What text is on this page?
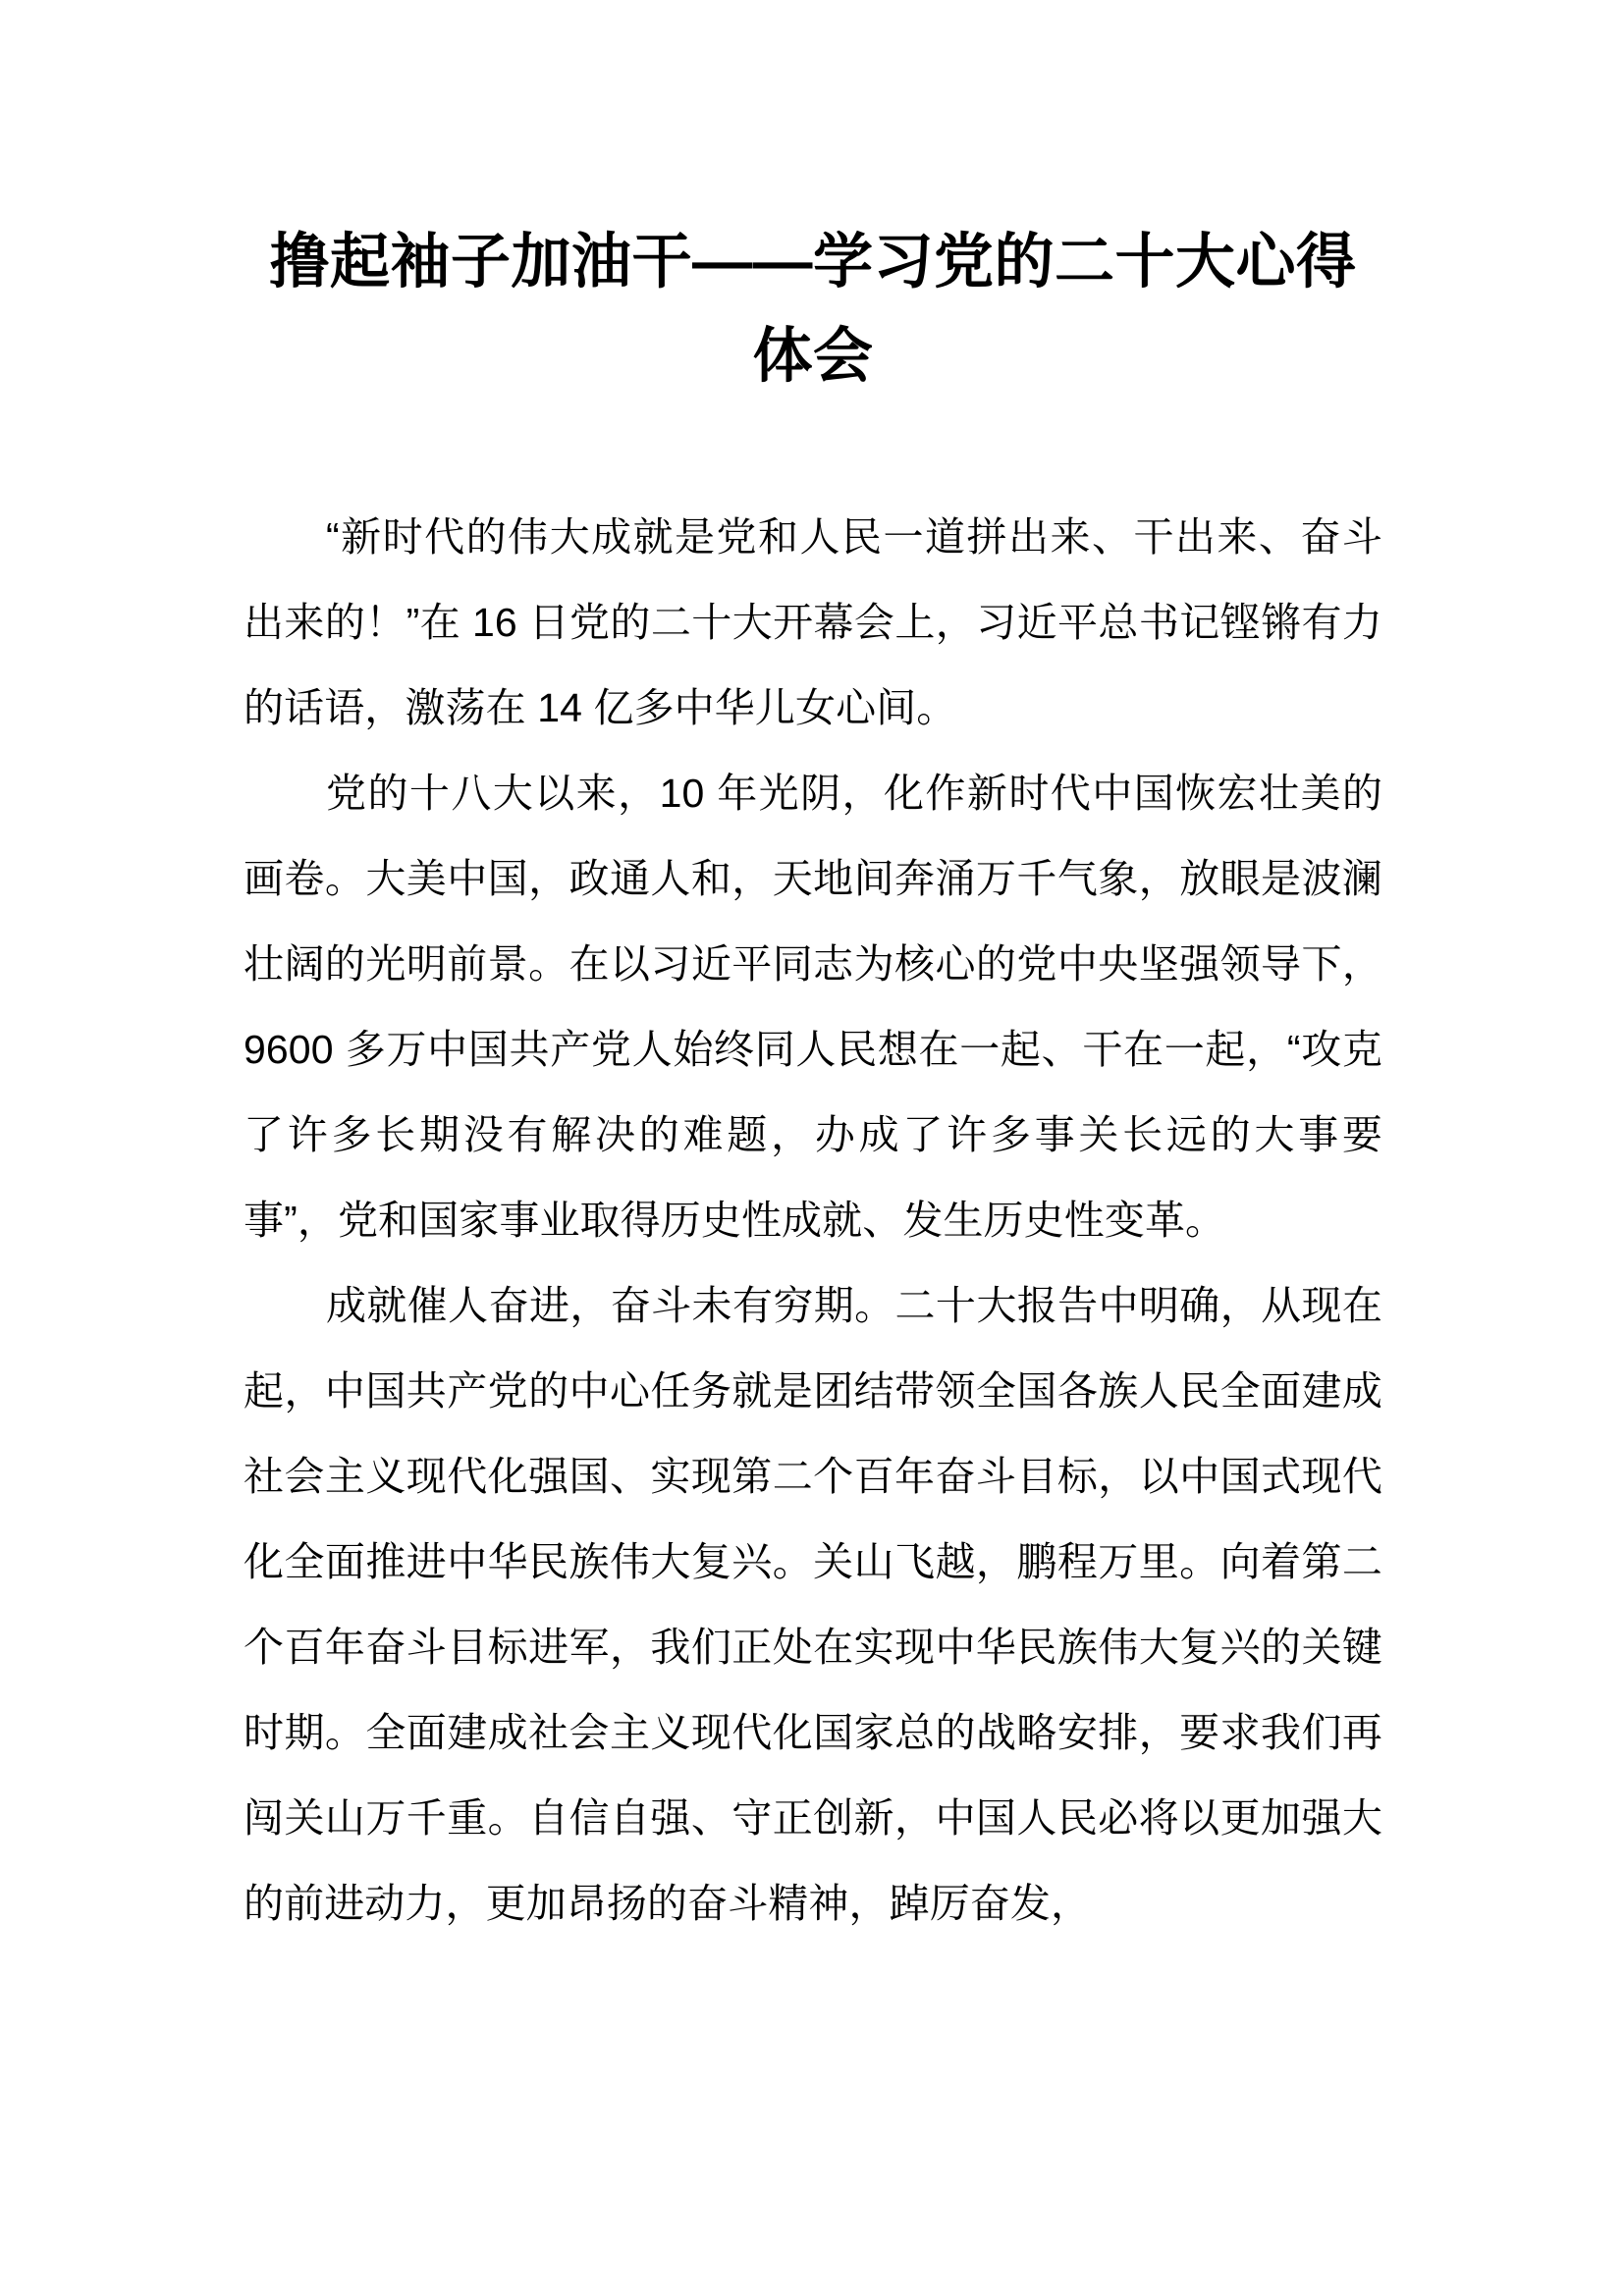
撸起袖子加油干——学习党的二十大心得体会

“新时代的伟大成就是党和人民一道拼出来、干出来、奋斗出来的！”在 16 日党的二十大开幕会上，习近平总书记铿锵有力的话语，激荡在 14 亿多中华儿女心间。

党的十八大以来，10 年光阴，化作新时代中国恢宏壮美的画卷。大美中国，政通人和，天地间奔涌万千气象，放眼是波澜壮阔的光明前景。在以习近平同志为核心的党中央坚强领导下，9600 多万中国共产党人始终同人民想在一起、干在一起，“攻克了许多长期没有解决的难题，办成了许多事关长远的大事要事”，党和国家事业取得历史性成就、发生历史性变革。

成就催人奋进，奋斗未有穷期。二十大报告中明确，从现在起，中国共产党的中心任务就是团结带领全国各族人民全面建成社会主义现代化强国、实现第二个百年奋斗目标，以中国式现代化全面推进中华民族伟大复兴。关山飞越，鹏程万里。向着第二个百年奋斗目标进军，我们正处在实现中华民族伟大复兴的关键时期。全面建成社会主义现代化国家总的战略安排，要求我们再闯关山万千重。自信自强、守正创新，中国人民必将以更加强大的前进动力，更加昂扬的奋斗精神，踔厉奋发，
